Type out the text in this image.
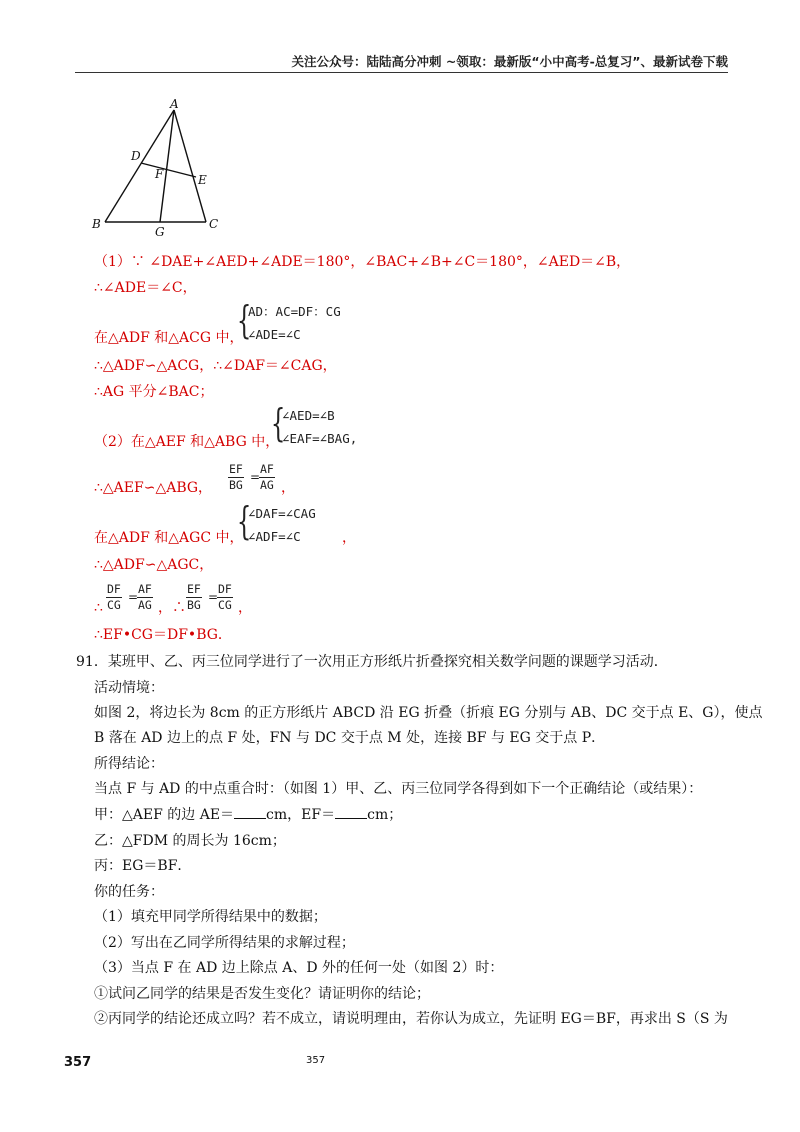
关注公众号：陆陆高分冲刺 ~领取：最新版“小中高考-总复习”、最新试卷下载
A
B	C
D
E
F
G
（1）∵ ∠DAE+∠AED+∠ADE＝180°，∠BAC+∠B+∠C＝180°，∠AED＝∠B，
∴∠ADE＝∠C，
在△ADF 和△ACG 中，
{
AD：AC=DF：CG
∠ADE=∠C
∴△ADF∽△ACG，∴∠DAF＝∠CAG，
∴AG 平分∠BAC；
（2）在△AEF 和△ABG 中，
{
∠AED=∠B
∠EAF=∠BAG,
∴△AEF∽△ABG， $\frac{EF}{BG}$ =
$\frac{AF}{AG}$ ，
在△ADF 和△AGC 中，
{
∠DAF=∠CAG
∠ADF=∠C	，
∴△ADF∽△AGC，
∴ $\frac{DF}{CG}$ =
$\frac{AF}{AG}$ ，∴ $\frac{EF}{BG}$ =
$\frac{DF}{CG}$ ，
∴EF•CG＝DF•BG．
91．某班甲、乙、丙三位同学进行了一次用正方形纸片折叠探究相关数学问题的课题学习活动．
活动情境：
如图 2，将边长为 8cm 的正方形纸片 ABCD 沿 EG 折叠（折痕 EG 分别与 AB、DC 交于点 E、G），使点
B 落在 AD 边上的点 F 处，FN 与 DC 交于点 M 处，连接 BF 与 EG 交于点 P．
所得结论：
当点 F 与 AD 的中点重合时：（如图 1）甲、乙、丙三位同学各得到如下一个正确结论（或结果）：
甲：△AEF 的边 AE＝ cm，EF＝ cm；
乙：△FDM 的周长为 16cm；
丙：EG＝BF．
你的任务：
（1）填充甲同学所得结果中的数据；
（2）写出在乙同学所得结果的求解过程；
（3）当点 F 在 AD 边上除点 A、D 外的任何一处（如图 2）时：
①试问乙同学的结果是否发生变化？请证明你的结论；
②丙同学的结论还成立吗？若不成立，请说明理由，若你认为成立，先证明 EG＝BF，再求出 S（S 为
357	357
